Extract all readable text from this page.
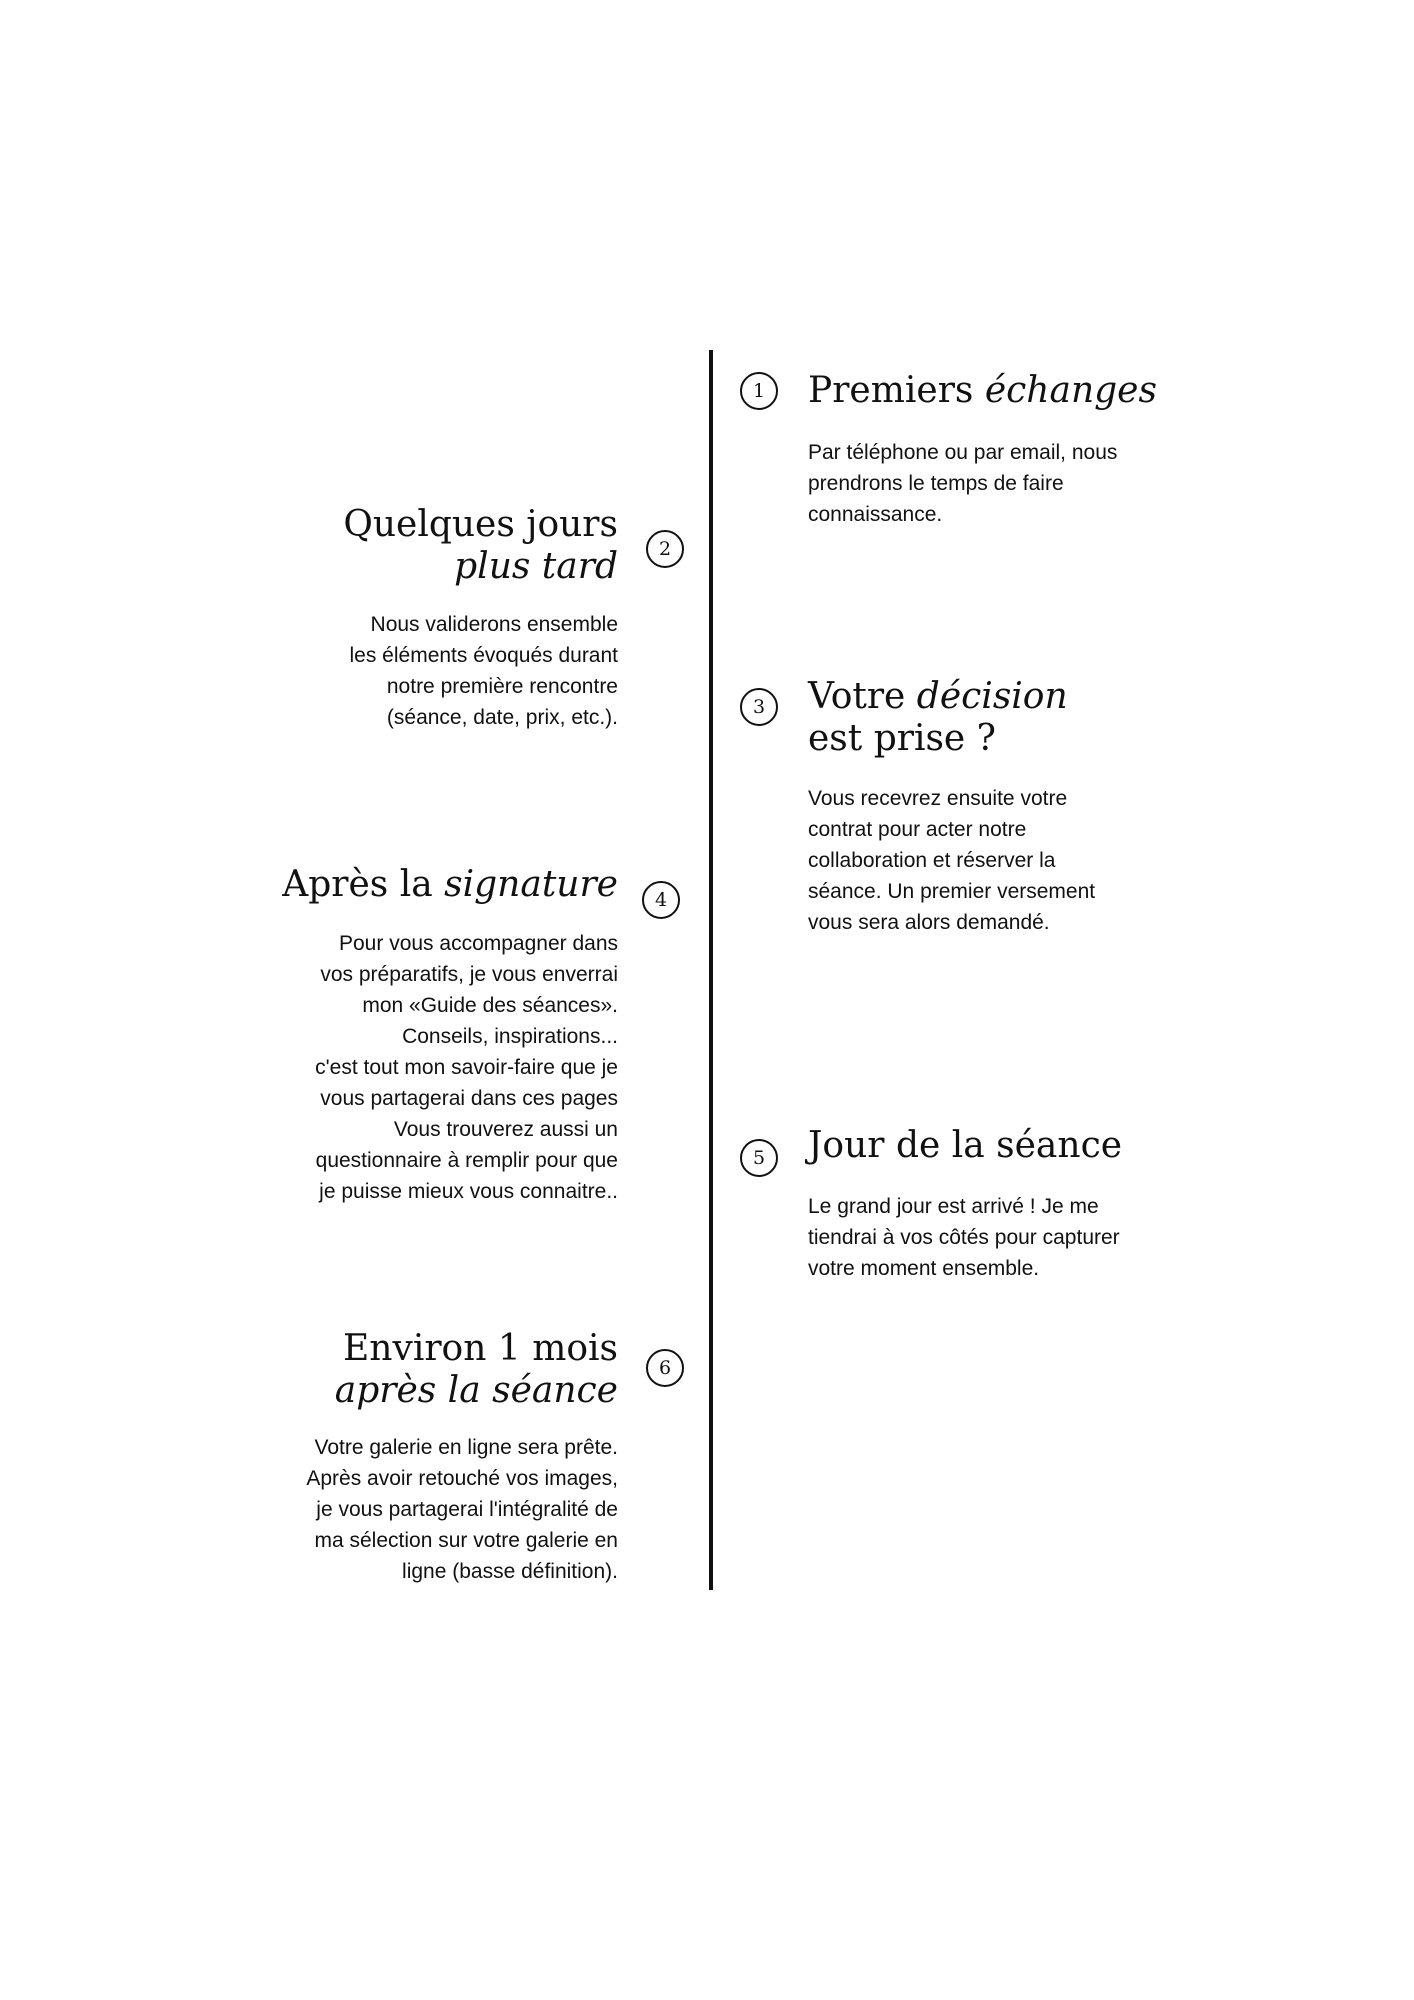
1	Premiers échanges

Par téléphone ou par email, nous
prendrons le temps de faire
connaissance.

2
Quelques jours
plus tard

Nous validerons ensemble
les éléments évoqués durant
notre première rencontre
(séance, date, prix, etc.).	3	Votre décision
est prise ?

Vous recevrez ensuite votre
contrat pour acter notre
collaboration et réserver la
séance. Un premier versement
vous sera alors demandé.

4
Après la signature

Pour vous accompagner dans
vos préparatifs, je vous enverrai
mon «Guide des séances».
Conseils, inspirations...
c'est tout mon savoir-faire que je
vous partagerai dans ces pages
Vous trouverez aussi un
questionnaire à remplir pour que
je puisse mieux vous connaitre..

5	Jour de la séance

Le grand jour est arrivé ! Je me
tiendrai à vos côtés pour capturer
votre moment ensemble.

6
Environ 1 mois
après la séance

Votre galerie en ligne sera prête.
Après avoir retouché vos images,
je vous partagerai l'intégralité de
ma sélection sur votre galerie en
ligne (basse définition).
